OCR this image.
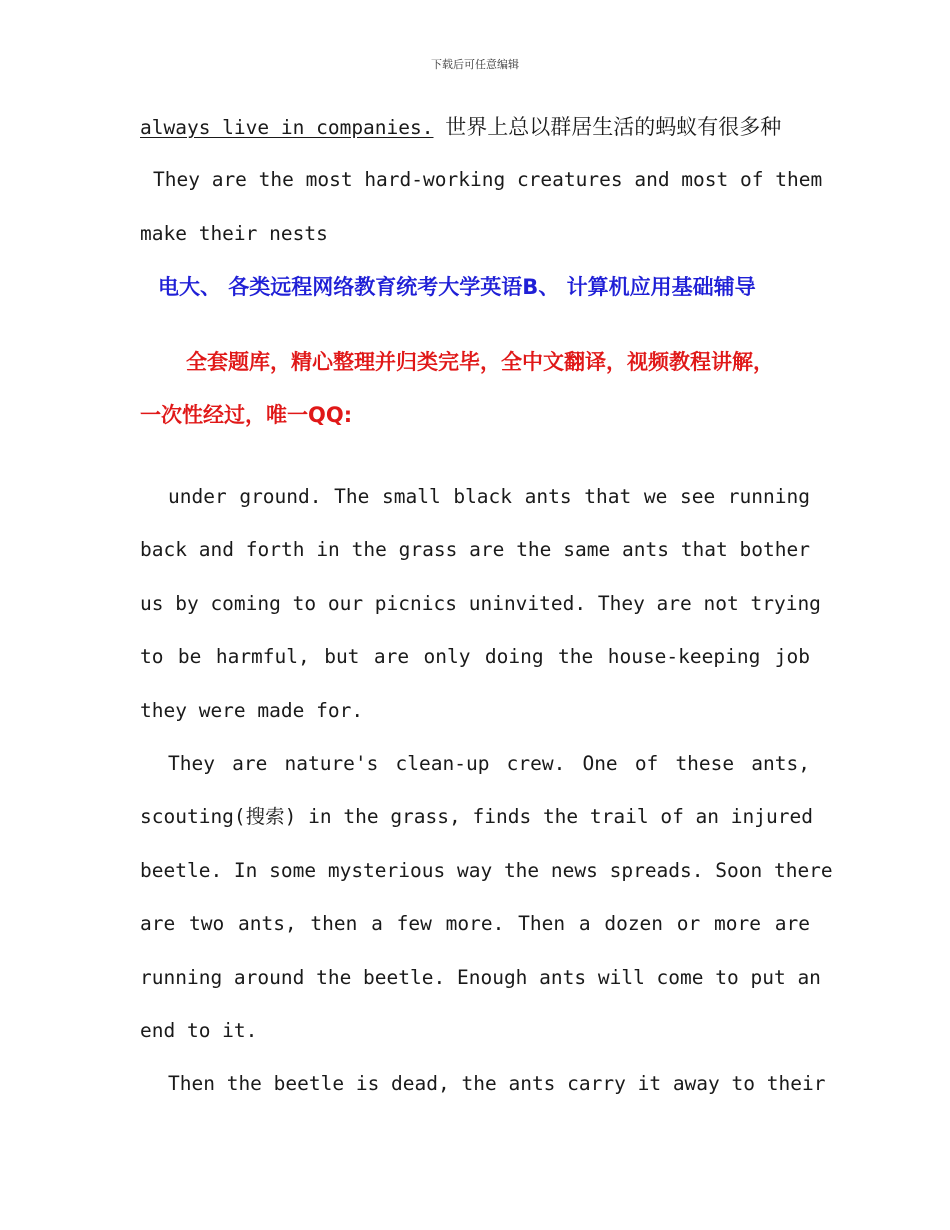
下载后可任意编辑
always live in companies. 世界上总以群居生活的蚂蚁有很多种
They are the most hard-working creatures and most of them
make their nests
电大、 各类远程网络教育统考大学英语B、 计算机应用基础辅导
全套题库，精心整理并归类完毕，全中文翻译，视频教程讲解，
一次性经过，唯一QQ:
under ground. The small black ants that we see running
back and forth in the grass are the same ants that bother
us by coming to our picnics uninvited. They are not trying
to be harmful, but are only doing the house-keeping job
they were made for.
They are nature's clean-up crew. One of these ants,
scouting(搜索) in the grass, finds the trail of an injured
beetle. In some mysterious way the news spreads. Soon there
are two ants, then a few more. Then a dozen or more are
running around the beetle. Enough ants will come to put an
end to it.
Then the beetle is dead, the ants carry it away to their
